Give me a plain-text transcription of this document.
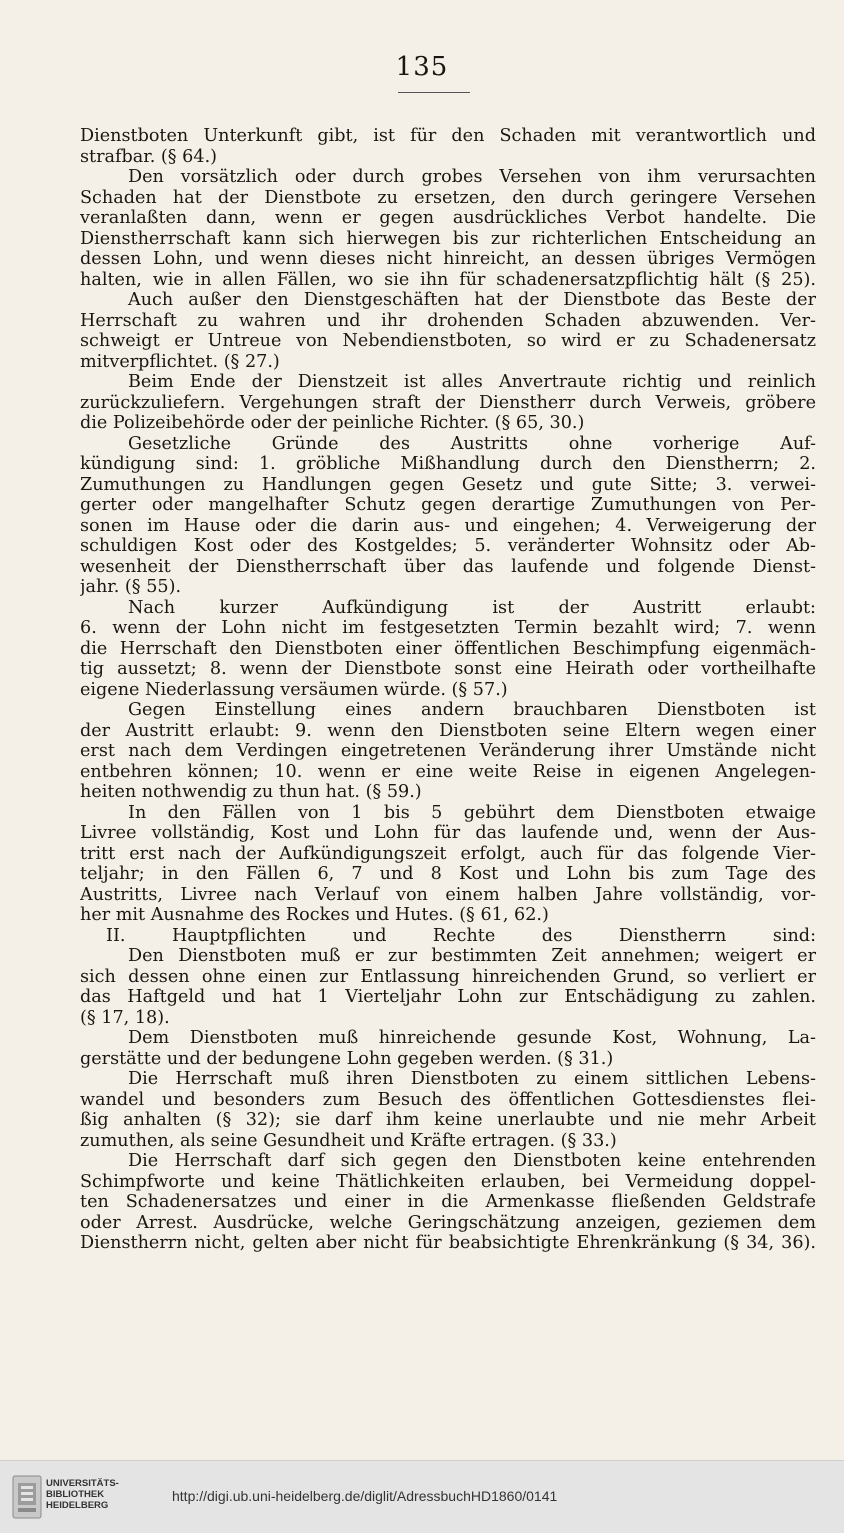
135
Dienstboten Unterkunft gibt, ist für den Schaden mit verantwortlich und
strafbar. (§ 64.)
Den vorsätzlich oder durch grobes Versehen von ihm verursachten
Schaden hat der Dienstbote zu ersetzen, den durch geringere Versehen
veranlaßten dann, wenn er gegen ausdrückliches Verbot handelte. Die
Dienstherrschaft kann sich hierwegen bis zur richterlichen Entscheidung an
dessen Lohn, und wenn dieses nicht hinreicht, an dessen übriges Vermögen
halten, wie in allen Fällen, wo sie ihn für schadenersatzpflichtig hält (§ 25).
Auch außer den Dienstgeschäften hat der Dienstbote das Beste der
Herrschaft zu wahren und ihr drohenden Schaden abzuwenden. Ver-
schweigt er Untreue von Nebendienstboten, so wird er zu Schadenersatz
mitverpflichtet. (§ 27.)
Beim Ende der Dienstzeit ist alles Anvertraute richtig und reinlich
zurückzuliefern. Vergehungen straft der Dienstherr durch Verweis, gröbere
die Polizeibehörde oder der peinliche Richter. (§ 65, 30.)
Gesetzliche Gründe des Austritts ohne vorherige Auf-
kündigung sind: 1. gröbliche Mißhandlung durch den Dienstherrn; 2.
Zumuthungen zu Handlungen gegen Gesetz und gute Sitte; 3. verwei-
gerter oder mangelhafter Schutz gegen derartige Zumuthungen von Per-
sonen im Hause oder die darin aus- und eingehen; 4. Verweigerung der
schuldigen Kost oder des Kostgeldes; 5. veränderter Wohnsitz oder Ab-
wesenheit der Dienstherrschaft über das laufende und folgende Dienst-
jahr. (§ 55).
Nach kurzer Aufkündigung ist der Austritt erlaubt:
6. wenn der Lohn nicht im festgesetzten Termin bezahlt wird; 7. wenn
die Herrschaft den Dienstboten einer öffentlichen Beschimpfung eigenmäch-
tig aussetzt; 8. wenn der Dienstbote sonst eine Heirath oder vortheilhafte
eigene Niederlassung versäumen würde. (§ 57.)
Gegen Einstellung eines andern brauchbaren Dienstboten ist
der Austritt erlaubt: 9. wenn den Dienstboten seine Eltern wegen einer
erst nach dem Verdingen eingetretenen Veränderung ihrer Umstände nicht
entbehren können; 10. wenn er eine weite Reise in eigenen Angelegen-
heiten nothwendig zu thun hat. (§ 59.)
In den Fällen von 1 bis 5 gebührt dem Dienstboten etwaige
Livree vollständig, Kost und Lohn für das laufende und, wenn der Aus-
tritt erst nach der Aufkündigungszeit erfolgt, auch für das folgende Vier-
teljahr; in den Fällen 6, 7 und 8 Kost und Lohn bis zum Tage des
Austritts, Livree nach Verlauf von einem halben Jahre vollständig, vor-
her mit Ausnahme des Rockes und Hutes. (§ 61, 62.)
II. Hauptpflichten und Rechte des Dienstherrn sind:
Den Dienstboten muß er zur bestimmten Zeit annehmen; weigert er
sich dessen ohne einen zur Entlassung hinreichenden Grund, so verliert er
das Haftgeld und hat 1 Vierteljahr Lohn zur Entschädigung zu zahlen.
(§ 17, 18).
Dem Dienstboten muß hinreichende gesunde Kost, Wohnung, La-
gerstätte und der bedungene Lohn gegeben werden. (§ 31.)
Die Herrschaft muß ihren Dienstboten zu einem sittlichen Lebens-
wandel und besonders zum Besuch des öffentlichen Gottesdienstes flei-
ßig anhalten (§ 32); sie darf ihm keine unerlaubte und nie mehr Arbeit
zumuthen, als seine Gesundheit und Kräfte ertragen. (§ 33.)
Die Herrschaft darf sich gegen den Dienstboten keine entehrenden
Schimpfworte und keine Thätlichkeiten erlauben, bei Vermeidung doppel-
ten Schadenersatzes und einer in die Armenkasse fließenden Geldstrafe
oder Arrest. Ausdrücke, welche Geringschätzung anzeigen, geziemen dem
Dienstherrn nicht, gelten aber nicht für beabsichtigte Ehrenkränkung (§ 34, 36).
UNIVERSITÄTS-
BIBLIOTHEK
HEIDELBERG
http://digi.ub.uni-heidelberg.de/diglit/AdressbuchHD1860/0141
